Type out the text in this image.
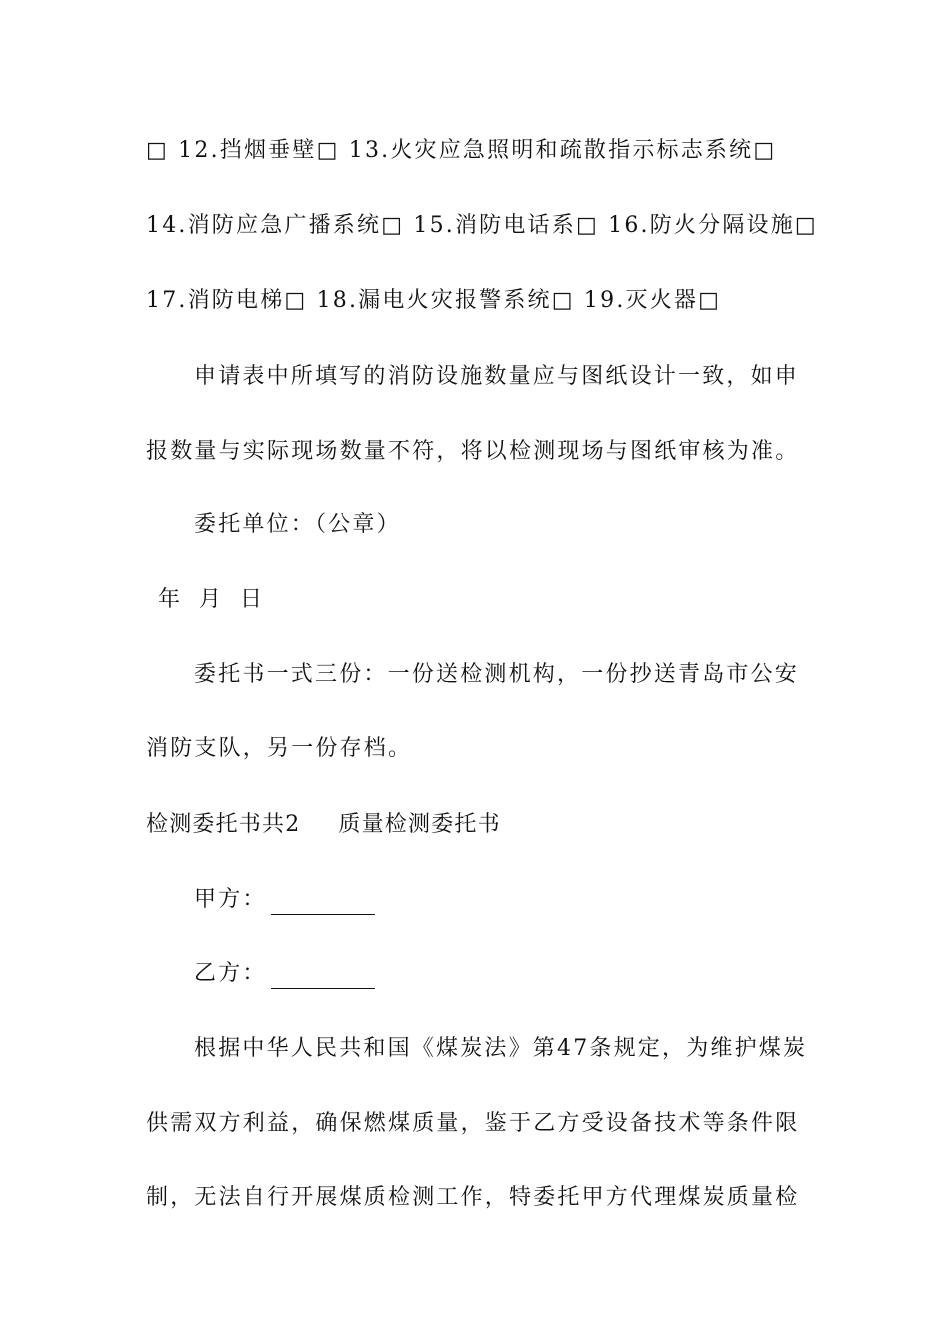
□ 12.挡烟垂壁□ 13.火灾应急照明和疏散指示标志系统□
14.消防应急广播系统□ 15.消防电话系□ 16.防火分隔设施□
17.消防电梯□ 18.漏电火灾报警系统□ 19.灭火器□
申请表中所填写的消防设施数量应与图纸设计一致，如申
报数量与实际现场数量不符，将以检测现场与图纸审核为准。
委托单位：（公章）
年 月 日
委托书一式三份：一份送检测机构，一份抄送青岛市公安
消防支队，另一份存档。
检测委托书共2 质量检测委托书
甲方：
乙方：
根据中华人民共和国《煤炭法》第47条规定，为维护煤炭
供需双方利益，确保燃煤质量，鉴于乙方受设备技术等条件限
制，无法自行开展煤质检测工作，特委托甲方代理煤炭质量检
